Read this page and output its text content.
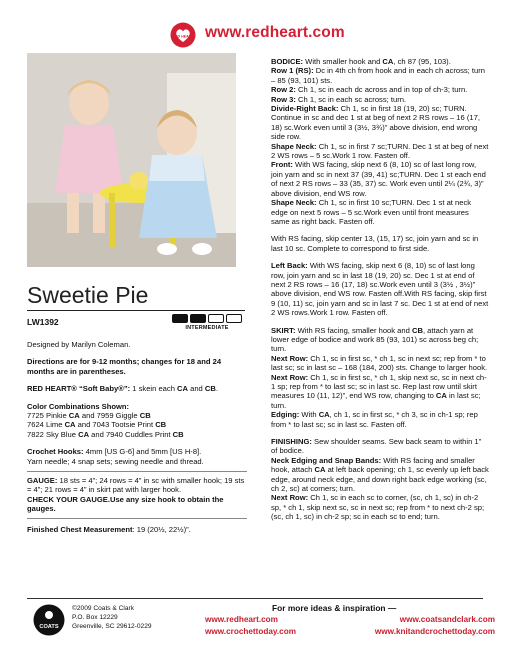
RED HEART www.redheart.com
Sweetie Pie
LW1392
INTERMEDIATE

Designed by Marilyn Coleman.

Directions are for 9-12 months; changes for 18 and 24 months are in parentheses.

RED HEART® “Soft Baby®”: 1 skein each CA and CB.

Color Combinations Shown:
7725 Pinkie CA and 7959 Giggle CB
7624 Lime CA and 7043 Tootsie Print CB
7822 Sky Blue CA and 7940 Cuddles Print CB

Crochet Hooks: 4mm [US G-6] and 5mm [US H-8].
Yarn needle; 4 snap sets; sewing needle and thread.

GAUGE: 18 sts = 4”; 24 rows = 4” in sc with smaller hook; 19 sts = 4”; 21 rows = 4” in skirt pat with larger hook.
CHECK YOUR GAUGE.Use any size hook to obtain the gauges.

Finished Chest Measurement: 19 (20½, 22½)”.

BODICE: With smaller hook and CA, ch 87 (95, 103).
Row 1 (RS): Dc in 4th ch from hook and in each ch across; turn – 85 (93, 101) sts.
Row 2: Ch 1, sc in each dc across and in top of ch-3; turn.
Row 3: Ch 1, sc in each sc across; turn.
Divide-Right Back: Ch 1, sc in first 18 (19, 20) sc; TURN. Continue in sc and dec 1 st at beg of next 2 RS rows – 16 (17, 18) sc.Work even until 3 (3½, 3¾)” above division, end wrong side row.
Shape Neck: Ch 1, sc in first 7 sc;TURN. Dec 1 st at beg of next 2 WS rows – 5 sc.Work 1 row. Fasten off.
Front: With WS facing, skip next 6 (8, 10) sc of last long row, join yarn and sc in next 37 (39, 41) sc;TURN. Dec 1 st each end of next 2 RS rows – 33 (35, 37) sc. Work even until 2¼ (2¾, 3)” above division, end WS row.
Shape Neck: Ch 1, sc in first 10 sc;TURN. Dec 1 st at neck edge on next 5 rows – 5 sc.Work even until front measures same as right back. Fasten off.

With RS facing, skip center 13, (15, 17) sc, join yarn and sc in last 10 sc. Complete to correspond to first side.

Left Back: With WS facing, skip next 6 (8, 10) sc of last long row, join yarn and sc in last 18 (19, 20) sc. Dec 1 st at end of next 2 RS rows – 16 (17, 18) sc.Work even until 3 (3½ , 3½)” above division, end WS row. Fasten off.With RS facing, skip first 9 (10, 11) sc, join yarn and sc in last 7 sc. Dec 1 st at end of next 2 WS rows.Work 1 row. Fasten off.

SKIRT: With RS facing, smaller hook and CB, attach yarn at lower edge of bodice and work 85 (93, 101) sc across beg ch; turn.
Next Row: Ch 1, sc in first sc, * ch 1, sc in next sc; rep from * to last sc; sc in last sc – 168 (184, 200) sts. Change to larger hook.
Next Row: Ch 1, sc in first sc, * ch 1, skip next sc, sc in next ch-1 sp; rep from * to last sc; sc in last sc. Rep last row until skirt measures 10 (11, 12)”, end WS row, changing to CA in last sc; turn.
Edging: With CA, ch 1, sc in first sc, * ch 3, sc in ch-1 sp; rep from * to last sc; sc in last sc. Fasten off.

FINISHING: Sew shoulder seams. Sew back seam to within 1” of bodice.
Neck Edging and Snap Bands: With RS facing and smaller hook, attach CA at left back opening; ch 1, sc evenly up left back edge, around neck edge, and down right back edge working (sc, ch 2, sc) at corners; turn.
Next Row: Ch 1, sc in each sc to corner, (sc, ch 1, sc) in ch-2 sp, * ch 1, skip next sc, sc in next sc; rep from * to next ch-2 sp; (sc, ch 1, sc) in ch-2 sp; sc in each sc to end; turn.

COATS
©2009 Coats & Clark
P.O. Box 12229
Greenville, SC 29612-0229
For more ideas & inspiration —
www.redheart.com	www.coatsandclark.com
www.crochettoday.com	www.knitandcrochettoday.com
